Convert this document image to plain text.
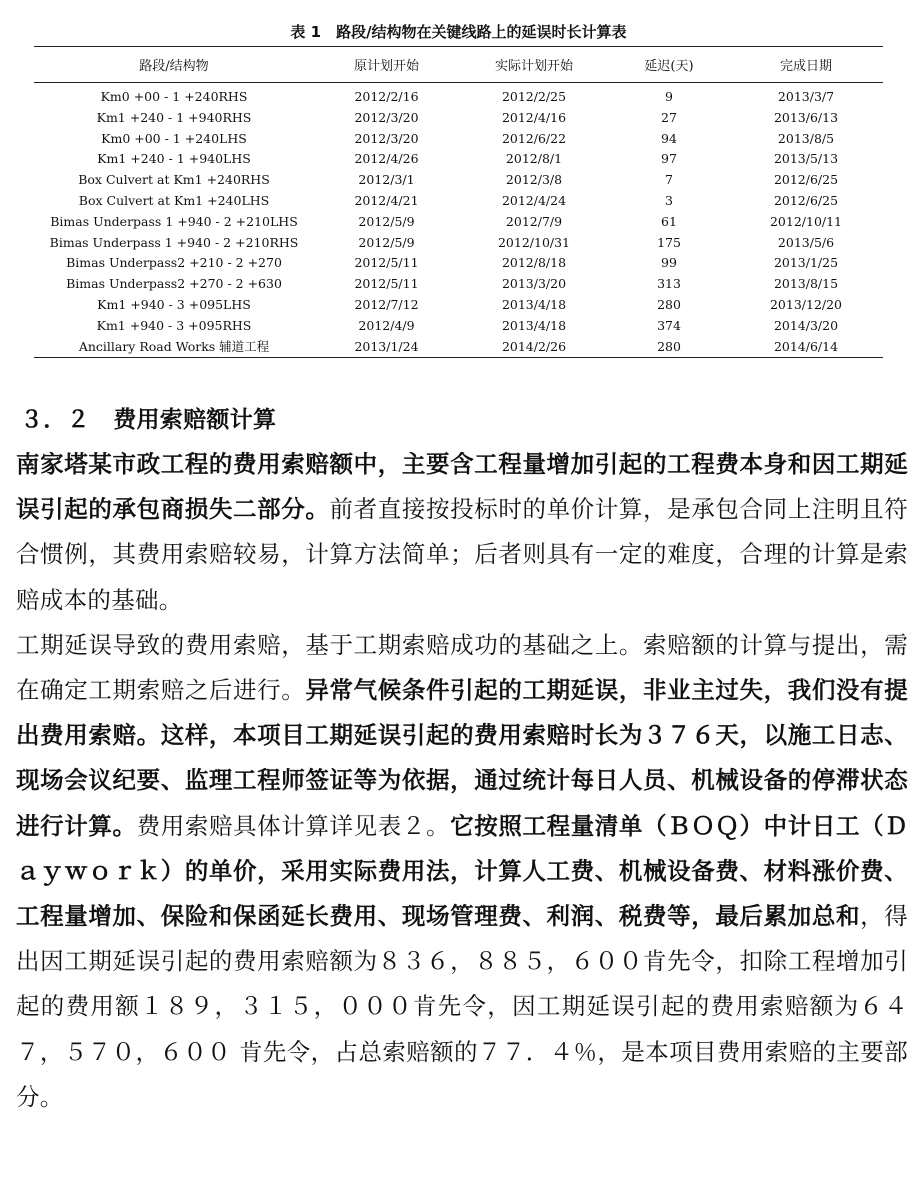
表 1　路段/结构物在关键线路上的延误时长计算表
路段/结构物	原计划开始	实际计划开始	延迟(天)	完成日期
Km0 +00 - 1 +240RHS	2012/2/16	2012/2/25	9	2013/3/7
Km1 +240 - 1 +940RHS	2012/3/20	2012/4/16	27	2013/6/13
Km0 +00 - 1 +240LHS	2012/3/20	2012/6/22	94	2013/8/5
Km1 +240 - 1 +940LHS	2012/4/26	2012/8/1	97	2013/5/13
Box Culvert at Km1 +240RHS	2012/3/1	2012/3/8	7	2012/6/25
Box Culvert at Km1 +240LHS	2012/4/21	2012/4/24	3	2012/6/25
Bimas Underpass 1 +940 - 2 +210LHS	2012/5/9	2012/7/9	61	2012/10/11
Bimas Underpass 1 +940 - 2 +210RHS	2012/5/9	2012/10/31	175	2013/5/6
Bimas Underpass2 +210 - 2 +270	2012/5/11	2012/8/18	99	2013/1/25
Bimas Underpass2 +270 - 2 +630	2012/5/11	2013/3/20	313	2013/8/15
Km1 +940 - 3 +095LHS	2012/7/12	2013/4/18	280	2013/12/20
Km1 +940 - 3 +095RHS	2012/4/9	2013/4/18	374	2014/3/20
Ancillary Road Works 辅道工程	2013/1/24	2014/2/26	280	2014/6/14
３．２　费用索赔额计算

南家塔某市政工程的费用索赔额中，主要含工程量增加引起的工程费本身和因工期延误引起的承包商损失二部分。前者直接按投标时的单价计算，是承包合同上注明且符合惯例，其费用索赔较易，计算方法简单；后者则具有一定的难度，合理的计算是索赔成本的基础。

工期延误导致的费用索赔，基于工期索赔成功的基础之上。索赔额的计算与提出，需在确定工期索赔之后进行。异常气候条件引起的工期延误，非业主过失，我们没有提出费用索赔。这样，本项目工期延误引起的费用索赔时长为３７６天，以施工日志、现场会议纪要、监理工程师签证等为依据，通过统计每日人员、机械设备的停滞状态进行计算。费用索赔具体计算详见表２。它按照工程量清单（ＢＯＱ）中计日工（Ｄａｙｗｏｒｋ）的单价，采用实际费用法，计算人工费、机械设备费、材料涨价费、工程量增加、保险和保函延长费用、现场管理费、利润、税费等，最后累加总和，得出因工期延误引起的费用索赔额为８３６，８８５，６００肯先令，扣除工程增加引起的费用额１８９，３１５，０００肯先令，因工期延误引起的费用索赔额为６４７，５７０，６００ 肯先令，占总索赔额的７７．４％，是本项目费用索赔的主要部分。
